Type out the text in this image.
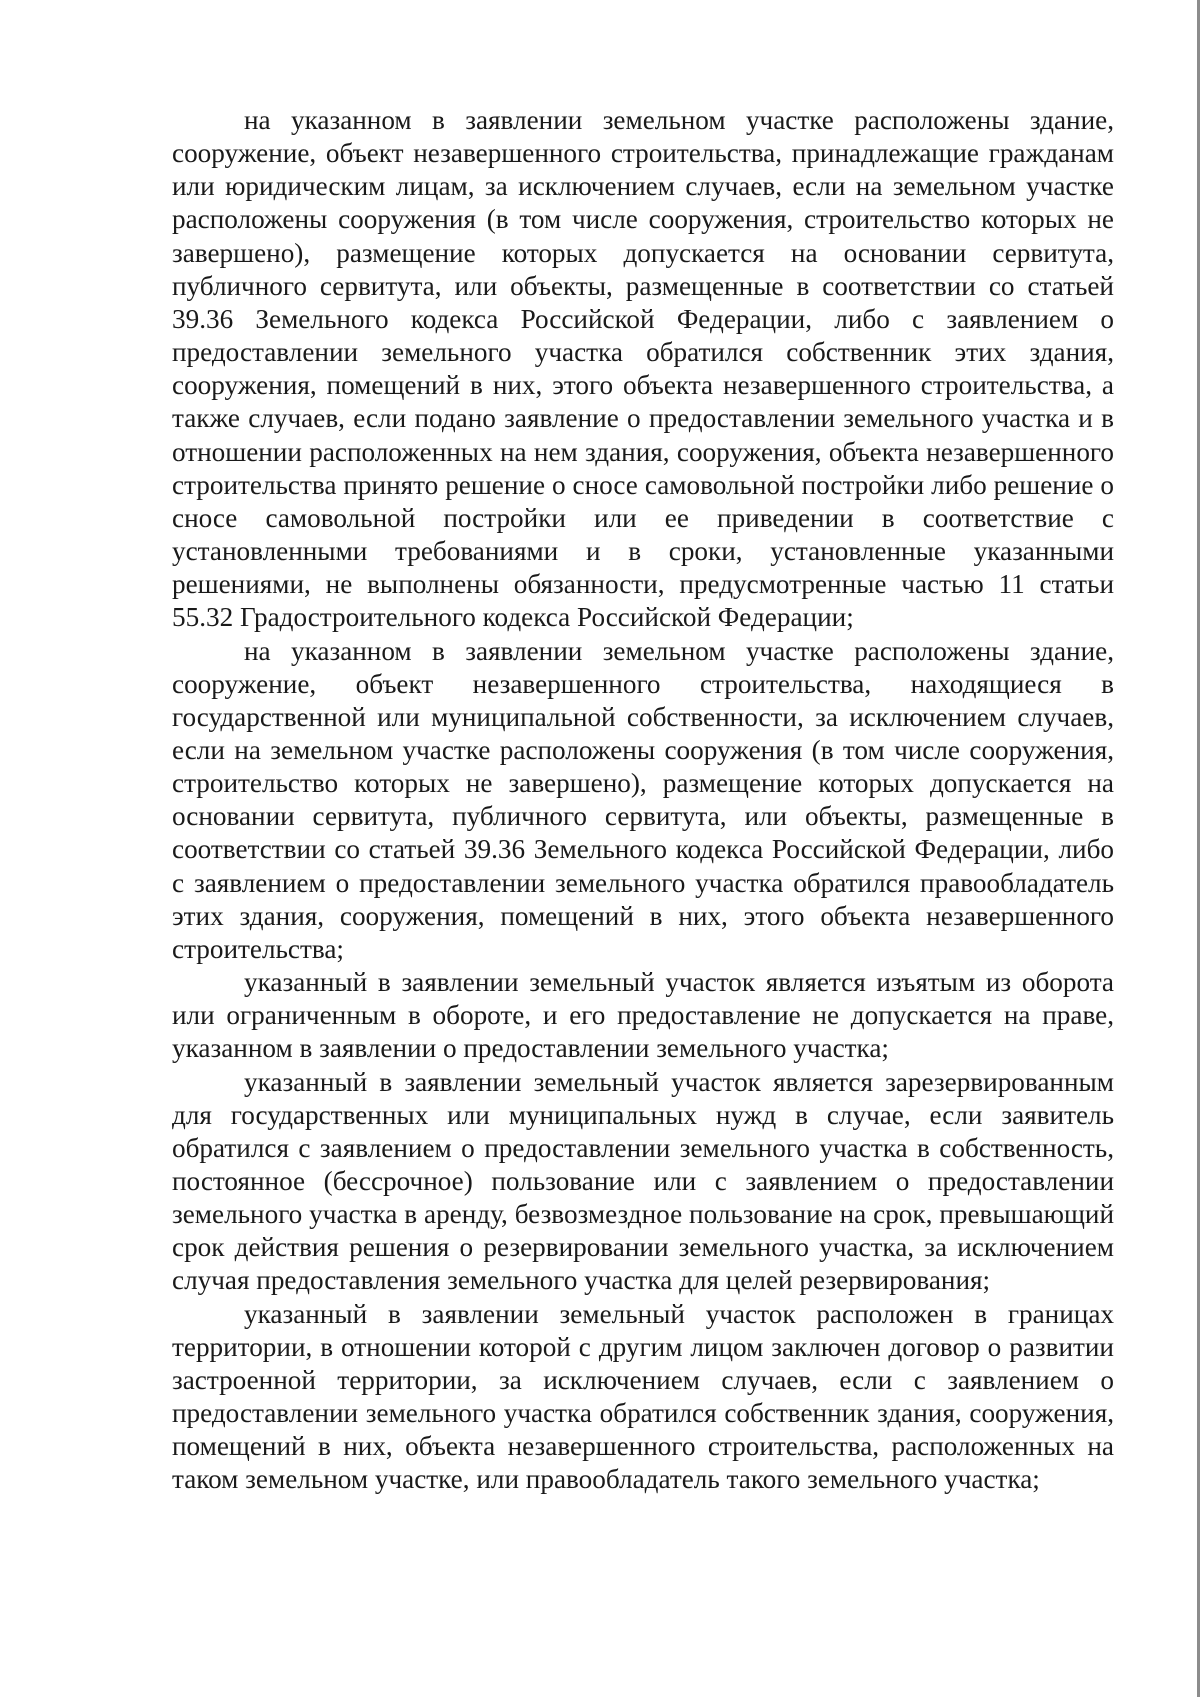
на указанном в заявлении земельном участке расположены здание, сооружение, объект незавершенного строительства, принадлежащие гражданам или юридическим лицам, за исключением случаев, если на земельном участке расположены сооружения (в том числе сооружения, строительство которых не завершено), размещение которых допускается на основании сервитута, публичного сервитута, или объекты, размещенные в соответствии со статьей 39.36 Земельного кодекса Российской Федерации, либо с заявлением о предоставлении земельного участка обратился собственник этих здания, сооружения, помещений в них, этого объекта незавершенного строительства, а также случаев, если подано заявление о предоставлении земельного участка и в отношении расположенных на нем здания, сооружения, объекта незавершенного строительства принято решение о сносе самовольной постройки либо решение о сносе самовольной постройки или ее приведении в соответствие с установленными требованиями и в сроки, установленные указанными решениями, не выполнены обязанности, предусмотренные частью 11 статьи 55.32 Градостроительного кодекса Российской Федерации;

на указанном в заявлении земельном участке расположены здание, сооружение, объект незавершенного строительства, находящиеся в государственной или муниципальной собственности, за исключением случаев, если на земельном участке расположены сооружения (в том числе сооружения, строительство которых не завершено), размещение которых допускается на основании сервитута, публичного сервитута, или объекты, размещенные в соответствии со статьей 39.36 Земельного кодекса Российской Федерации, либо с заявлением о предоставлении земельного участка обратился правообладатель этих здания, сооружения, помещений в них, этого объекта незавершенного строительства;

указанный в заявлении земельный участок является изъятым из оборота или ограниченным в обороте, и его предоставление не допускается на праве, указанном в заявлении о предоставлении земельного участка;

указанный в заявлении земельный участок является зарезервированным для государственных или муниципальных нужд в случае, если заявитель обратился с заявлением о предоставлении земельного участка в собственность, постоянное (бессрочное) пользование или с заявлением о предоставлении земельного участка в аренду, безвозмездное пользование на срок, превышающий срок действия решения о резервировании земельного участка, за исключением случая предоставления земельного участка для целей резервирования;

указанный в заявлении земельный участок расположен в границах территории, в отношении которой с другим лицом заключен договор о развитии застроенной территории, за исключением случаев, если с заявлением о предоставлении земельного участка обратился собственник здания, сооружения, помещений в них, объекта незавершенного строительства, расположенных на таком земельном участке, или правообладатель такого земельного участка;
